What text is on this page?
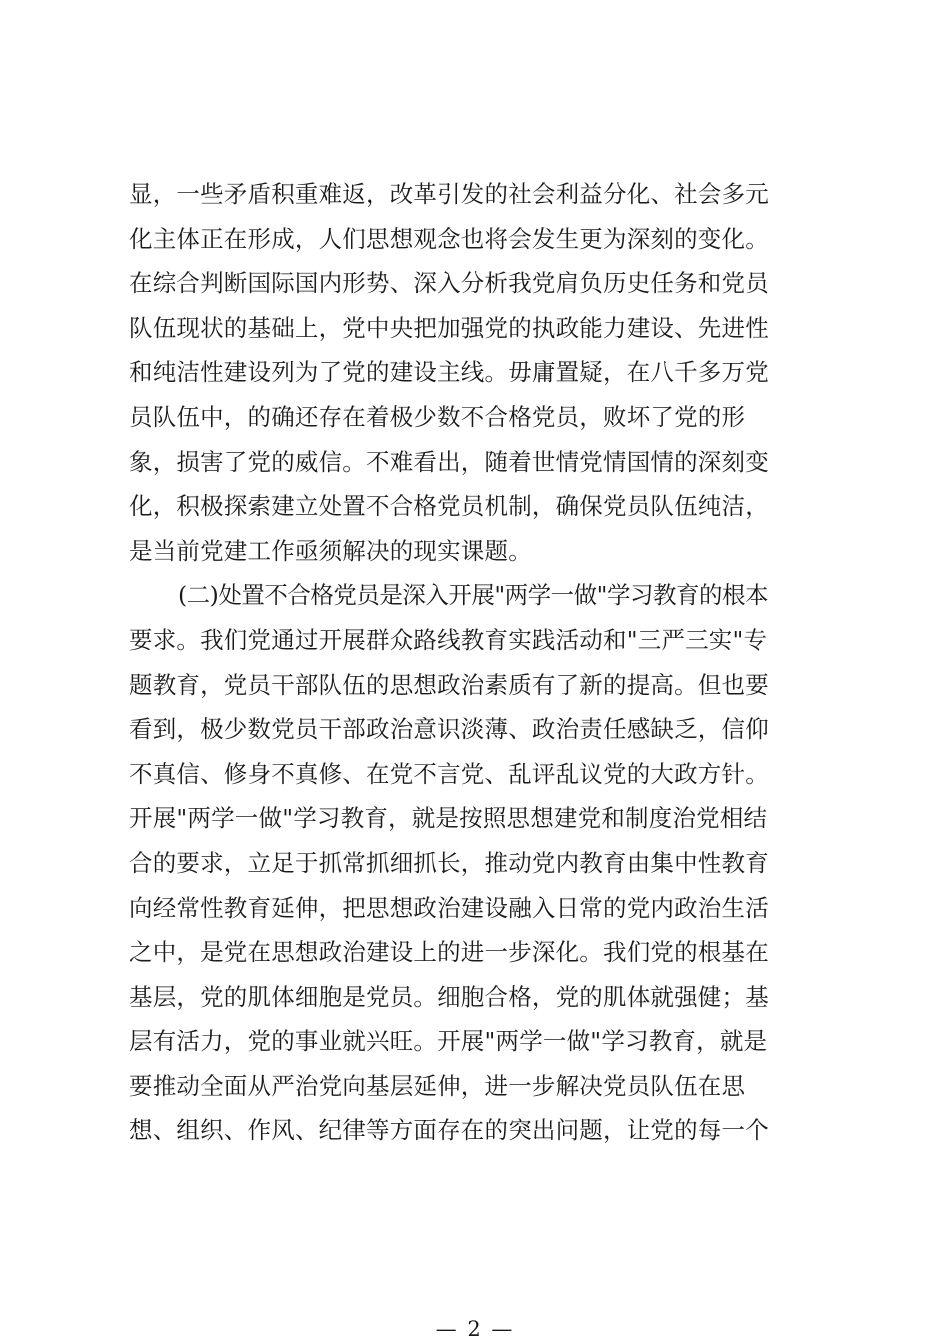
显，一些矛盾积重难返，改革引发的社会利益分化、社会多元
化主体正在形成，人们思想观念也将会发生更为深刻的变化。
在综合判断国际国内形势、深入分析我党肩负历史任务和党员
队伍现状的基础上，党中央把加强党的执政能力建设、先进性
和纯洁性建设列为了党的建设主线。毋庸置疑，在八千多万党
员队伍中，的确还存在着极少数不合格党员，败坏了党的形
象，损害了党的威信。不难看出，随着世情党情国情的深刻变
化，积极探索建立处置不合格党员机制，确保党员队伍纯洁，
是当前党建工作亟须解决的现实课题。
(二)处置不合格党员是深入开展"两学一做"学习教育的根本
要求。我们党通过开展群众路线教育实践活动和"三严三实"专
题教育，党员干部队伍的思想政治素质有了新的提高。但也要
看到，极少数党员干部政治意识淡薄、政治责任感缺乏，信仰
不真信、修身不真修、在党不言党、乱评乱议党的大政方针。
开展"两学一做"学习教育，就是按照思想建党和制度治党相结
合的要求，立足于抓常抓细抓长，推动党内教育由集中性教育
向经常性教育延伸，把思想政治建设融入日常的党内政治生活
之中，是党在思想政治建设上的进一步深化。我们党的根基在
基层，党的肌体细胞是党员。细胞合格，党的肌体就强健；基
层有活力，党的事业就兴旺。开展"两学一做"学习教育，就是
要推动全面从严治党向基层延伸，进一步解决党员队伍在思
想、组织、作风、纪律等方面存在的突出问题，让党的每一个
— 2 —
